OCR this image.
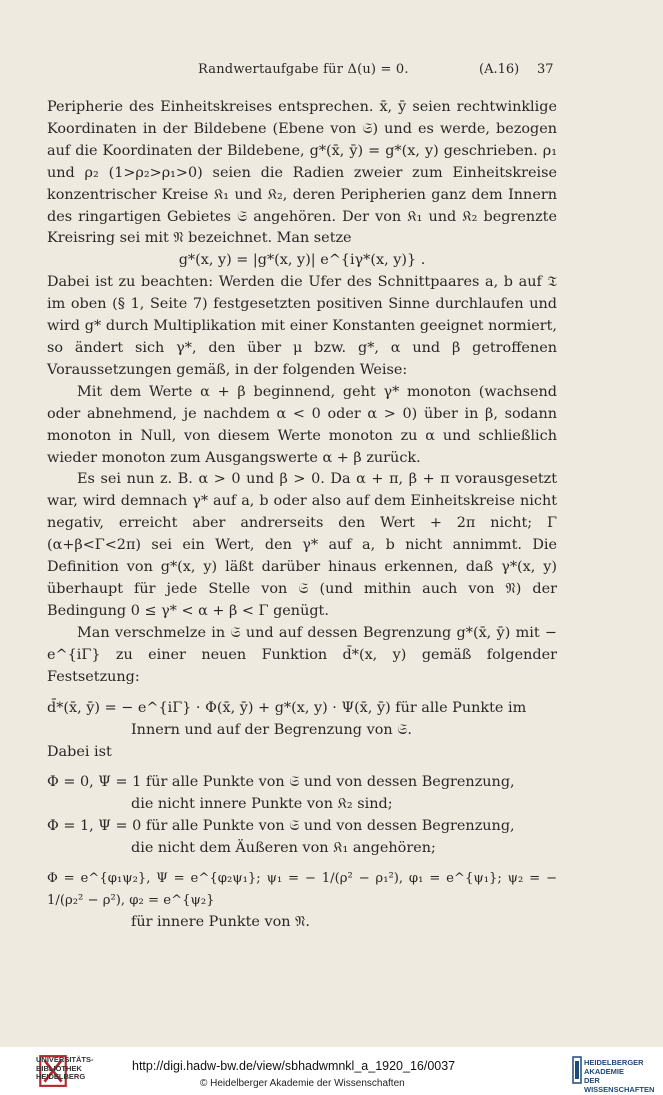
Randwertaufgabe für Δ(u) = 0.	(A.16) 37

Peripherie des Einheitskreises entsprechen. x̄, ȳ seien rechtwinklige Koordinaten in der Bildebene (Ebene von 𝔖) und es werde, bezogen auf die Koordinaten der Bildebene, g*(x̄, ȳ) = g*(x, y) geschrieben. ρ₁ und ρ₂ (1>ρ₂>ρ₁>0) seien die Radien zweier zum Einheitskreise konzentrischer Kreise 𝔎₁ und 𝔎₂, deren Peripherien ganz dem Innern des ringartigen Gebietes 𝔖 angehören. Der von 𝔎₁ und 𝔎₂ begrenzte Kreisring sei mit 𝔑 bezeichnet. Man setze

g*(x, y) = |g*(x, y)| e^{iγ*(x, y)} .

Dabei ist zu beachten: Werden die Ufer des Schnittpaares a, b auf 𝔗 im oben (§ 1, Seite 7) festgesetzten positiven Sinne durchlaufen und wird g* durch Multiplikation mit einer Konstanten geeignet normiert, so ändert sich γ*, den über μ bzw. g*, α und β getroffenen Voraussetzungen gemäß, in der folgenden Weise:

Mit dem Werte α + β beginnend, geht γ* monoton (wachsend oder abnehmend, je nachdem α < 0 oder α > 0) über in β, sodann monoton in Null, von diesem Werte monoton zu α und schließlich wieder monoton zum Ausgangswerte α + β zurück.

Es sei nun z. B. α > 0 und β > 0. Da α + π, β + π vorausgesetzt war, wird demnach γ* auf a, b oder also auf dem Einheitskreise nicht negativ, erreicht aber andrerseits den Wert + 2π nicht; Γ (α+β<Γ<2π) sei ein Wert, den γ* auf a, b nicht annimmt. Die Definition von g*(x, y) läßt darüber hinaus erkennen, daß γ*(x, y) überhaupt für jede Stelle von 𝔖 (und mithin auch von 𝔑) der Bedingung 0 ≤ γ* < α + β < Γ genügt.

Man verschmelze in 𝔖 und auf dessen Begrenzung g*(x̄, ȳ) mit − e^{iΓ} zu einer neuen Funktion d̄*(x, y) gemäß folgender Festsetzung:

d̄*(x̄, ȳ) = − e^{iΓ} · Φ(x̄, ȳ) + g*(x, y) · Ψ(x̄, ȳ) für alle Punkte im

Innern und auf der Begrenzung von 𝔖.

Dabei ist

Φ = 0, Ψ = 1 für alle Punkte von 𝔖 und von dessen Begrenzung,

die nicht innere Punkte von 𝔎₂ sind;

Φ = 1, Ψ = 0 für alle Punkte von 𝔖 und von dessen Begrenzung,

die nicht dem Äußeren von 𝔎₁ angehören;

Φ = e^{φ₁ψ₂}, Ψ = e^{φ₂ψ₁}; ψ₁ = − 1/(ρ² − ρ₁²), φ₁ = e^{ψ₁}; ψ₂ = − 1/(ρ₂² − ρ²), φ₂ = e^{ψ₂}

für innere Punkte von 𝔑.

UNIVERSITÄTS-
BIBLIOTHEK
HEIDELBERG
http://digi.hadw-bw.de/view/sbhadwmnkl_a_1920_16/0037
© Heidelberger Akademie der Wissenschaften
HEIDELBERGER AKADEMIE
DER WISSENSCHAFTEN
